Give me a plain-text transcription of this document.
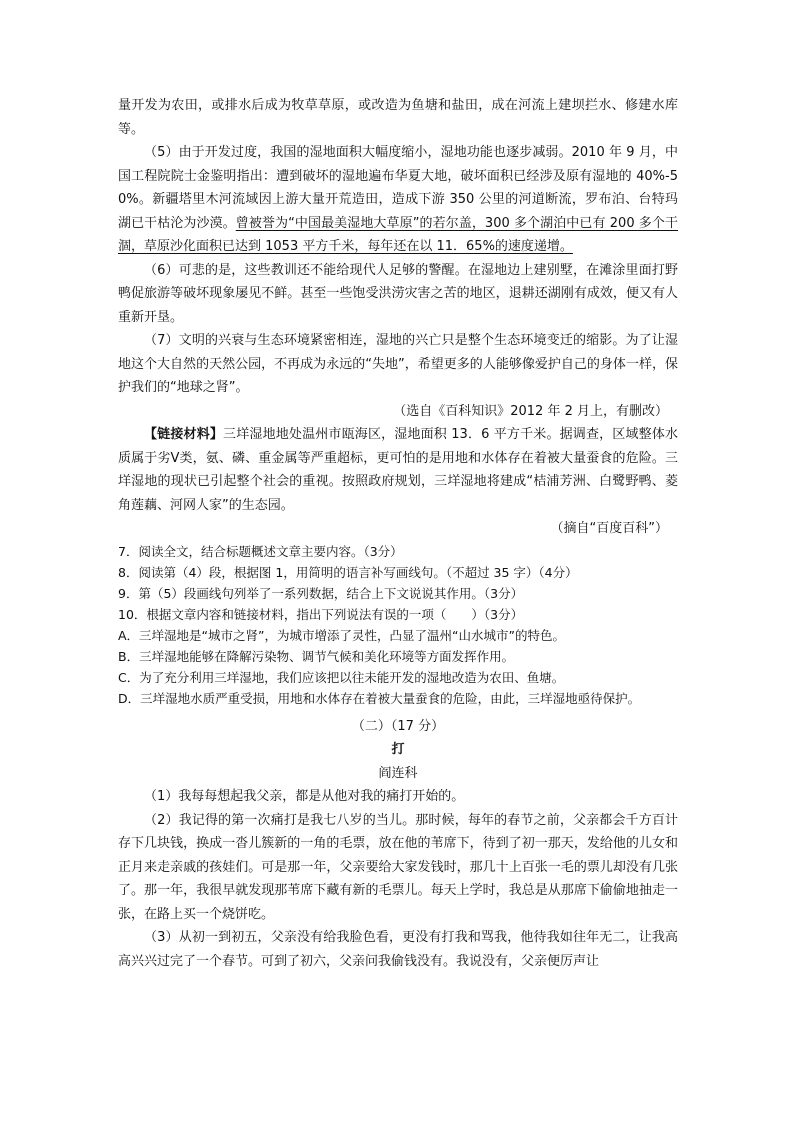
量开发为农田，或排水后成为牧草草原，或改造为鱼塘和盐田，成在河流上建坝拦水、修建水库等。

（5）由于开发过度，我国的湿地面积大幅度缩小，湿地功能也逐步减弱。2010 年 9 月，中国工程院院士金鉴明指出：遭到破坏的湿地遍布华夏大地，破坏面积已经涉及原有湿地的 40%-50%。新疆塔里木河流域因上游大量开荒造田，造成下游 350 公里的河道断流，罗布泊、台特玛湖已干枯沦为沙漠。曾被誉为“中国最美湿地大草原”的若尔盖，300 多个湖泊中已有 200 多个干涸，草原沙化面积已达到 1053 平方千米，每年还在以 11．65%的速度递增。

（6）可悲的是，这些教训还不能给现代人足够的警醒。在湿地边上建别墅，在滩涂里面打野鸭促旅游等破坏现象屡见不鲜。甚至一些饱受洪涝灾害之苦的地区，退耕还湖刚有成效，便又有人重新开垦。

（7）文明的兴衰与生态环境紧密相连，湿地的兴亡只是整个生态环境变迁的缩影。为了让湿地这个大自然的天然公园，不再成为永远的“失地”，希望更多的人能够像爱护自己的身体一样，保护我们的“地球之肾”。

（选自《百科知识》2012 年 2 月上，有删改）

【链接材料】三垟湿地地处温州市瓯海区，湿地面积 13．6 平方千米。据调查，区域整体水质属于劣Ⅴ类，氨、磷、重金属等严重超标，更可怕的是用地和水体存在着被大量蚕食的危险。三垟湿地的现状已引起整个社会的重视。按照政府规划，三垟湿地将建成“桔浦芳洲、白鹭野鸭、菱角莲藕、河网人家”的生态园。

（摘自“百度百科”）

7．阅读全文，结合标题概述文章主要内容。（3分）

8．阅读第（4）段，根据图 1，用简明的语言补写画线句。（不超过 35 字）（4分）

9．第（5）段画线句列举了一系列数据，结合上下文说说其作用。（3分）

10．根据文章内容和链接材料，指出下列说法有误的一项（　　）（3分）

A．三垟湿地是“城市之肾”，为城市增添了灵性，凸显了温州“山水城市”的特色。

B．三垟湿地能够在降解污染物、调节气候和美化环境等方面发挥作用。

C．为了充分利用三垟湿地，我们应该把以往未能开发的湿地改造为农田、鱼塘。

D．三垟湿地水质严重受损，用地和水体存在着被大量蚕食的危险，由此，三垟湿地亟待保护。

（二）（17 分）

打

阎连科

（1）我每每想起我父亲，都是从他对我的痛打开始的。

（2）我记得的第一次痛打是我七八岁的当儿。那时候，每年的春节之前，父亲都会千方百计存下几块钱，换成一沓儿簇新的一角的毛票，放在他的苇席下，待到了初一那天，发给他的儿女和正月来走亲戚的孩娃们。可是那一年，父亲要给大家发钱时，那几十上百张一毛的票儿却没有几张了。那一年，我很早就发现那苇席下藏有新的毛票儿。每天上学时，我总是从那席下偷偷地抽走一张，在路上买一个烧饼吃。

（3）从初一到初五，父亲没有给我脸色看，更没有打我和骂我，他待我如往年无二，让我高高兴兴过完了一个春节。可到了初六，父亲问我偷钱没有。我说没有，父亲便厉声让
